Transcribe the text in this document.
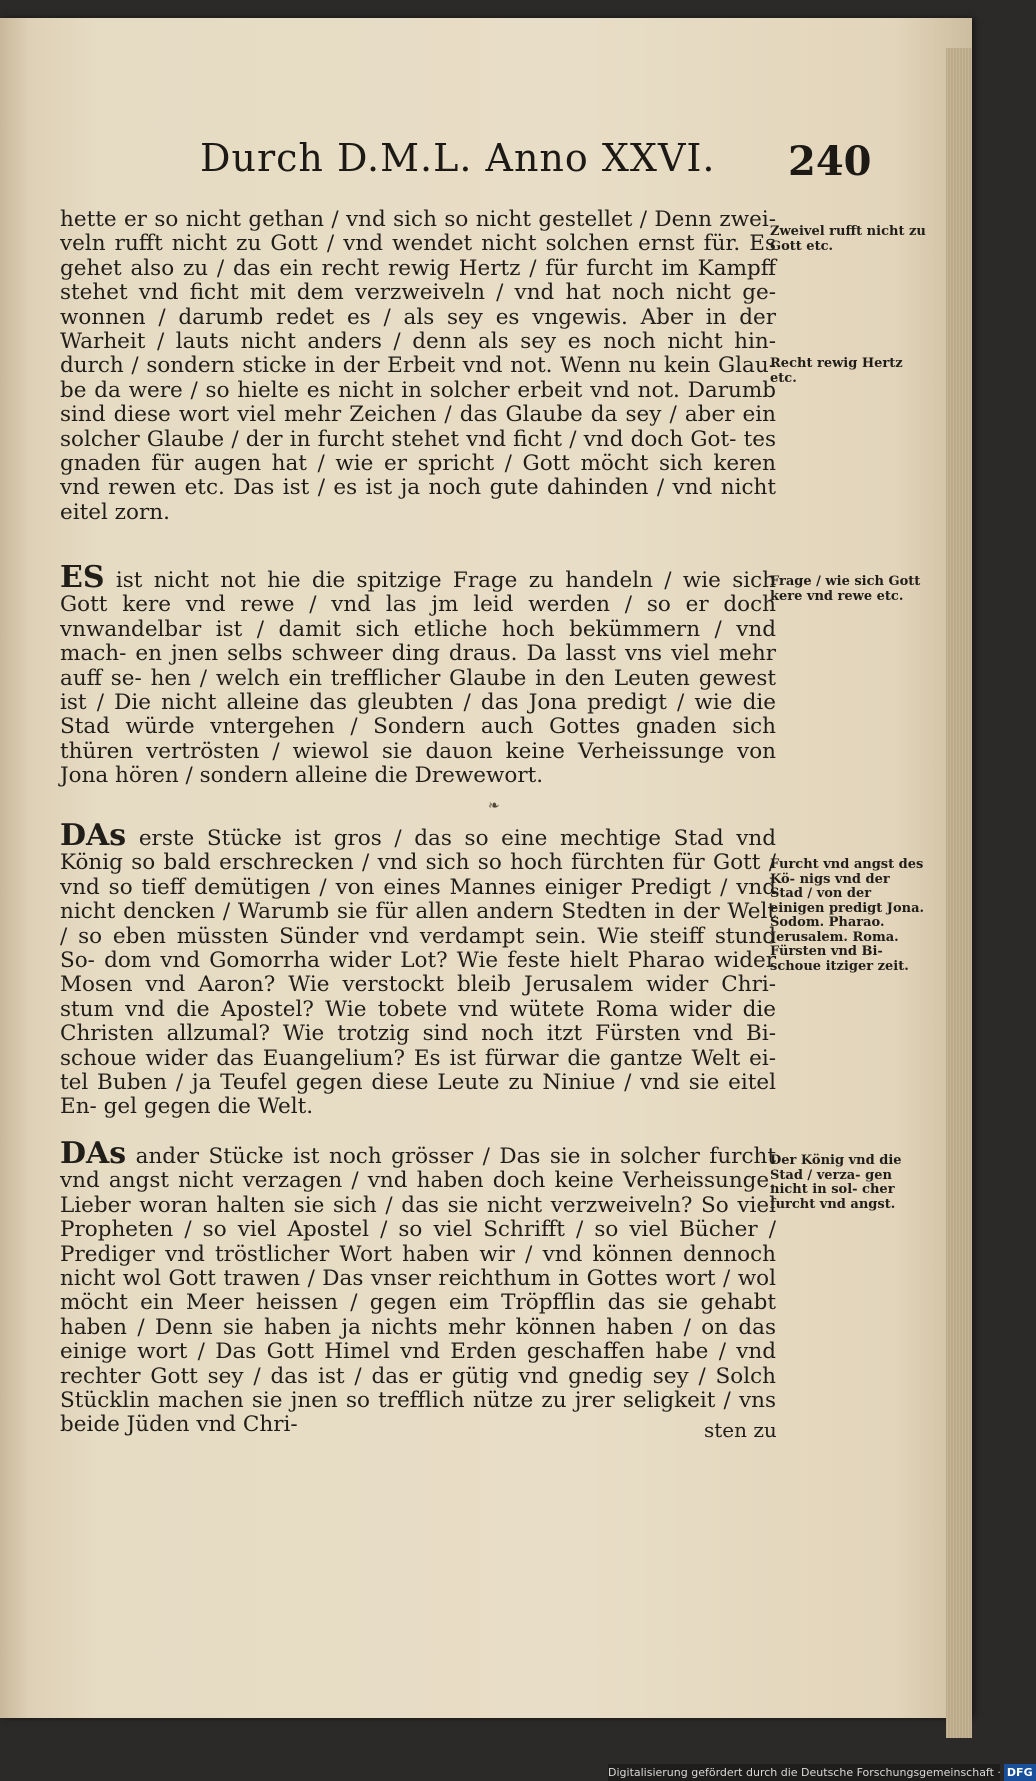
Durch D.M.L. Anno XXVI.	240

hette er so nicht gethan / vnd sich so nicht gestellet / Denn zwei- veln rufft nicht zu Gott / vnd wendet nicht solchen ernst für. Es gehet also zu / das ein recht rewig Hertz / für furcht im Kampff stehet vnd ficht mit dem verzweiveln / vnd hat noch nicht ge- wonnen / darumb redet es / als sey es vngewis. Aber in der Warheit / lauts nicht anders / denn als sey es noch nicht hin- durch / sondern sticke in der Erbeit vnd not. Wenn nu kein Glau- be da were / so hielte es nicht in solcher erbeit vnd not. Darumb sind diese wort viel mehr Zeichen / das Glaube da sey / aber ein solcher Glaube / der in furcht stehet vnd ficht / vnd doch Got- tes gnaden für augen hat / wie er spricht / Gott möcht sich keren vnd rewen etc. Das ist / es ist ja noch gute dahinden / vnd nicht eitel zorn.

ES ist nicht not hie die spitzige Frage zu handeln / wie sich Gott kere vnd rewe / vnd las jm leid werden / so er doch vnwandelbar ist / damit sich etliche hoch bekümmern / vnd mach- en jnen selbs schweer ding draus. Da lasst vns viel mehr auff se- hen / welch ein trefflicher Glaube in den Leuten gewest ist / Die nicht alleine das gleubten / das Jona predigt / wie die Stad würde vntergehen / Sondern auch Gottes gnaden sich thüren vertrösten / wiewol sie dauon keine Verheissunge von Jona hören / sondern alleine die Drewewort.

❧

DAs erste Stücke ist gros / das so eine mechtige Stad vnd König so bald erschrecken / vnd sich so hoch fürchten für Gott / vnd so tieff demütigen / von eines Mannes einiger Predigt / vnd nicht dencken / Warumb sie für allen andern Stedten in der Welt / so eben müssten Sünder vnd verdampt sein. Wie steiff stund So- dom vnd Gomorrha wider Lot? Wie feste hielt Pharao wider Mosen vnd Aaron? Wie verstockt bleib Jerusalem wider Chri- stum vnd die Apostel? Wie tobete vnd wütete Roma wider die Christen allzumal? Wie trotzig sind noch itzt Fürsten vnd Bi- schoue wider das Euangelium? Es ist fürwar die gantze Welt ei- tel Buben / ja Teufel gegen diese Leute zu Niniue / vnd sie eitel En- gel gegen die Welt.

DAs ander Stücke ist noch grösser / Das sie in solcher furcht vnd angst nicht verzagen / vnd haben doch keine Verheissunge. Lieber woran halten sie sich / das sie nicht verzweiveln? So viel Propheten / so viel Apostel / so viel Schrifft / so viel Bücher / Prediger vnd tröstlicher Wort haben wir / vnd können dennoch nicht wol Gott trawen / Das vnser reichthum in Gottes wort / wol möcht ein Meer heissen / gegen eim Tröpfflin das sie gehabt haben / Denn sie haben ja nichts mehr können haben / on das einige wort / Das Gott Himel vnd Erden geschaffen habe / vnd rechter Gott sey / das ist / das er gütig vnd gnedig sey / Solch Stücklin machen sie jnen so trefflich nütze zu jrer seligkeit / vns beide Jüden vnd Chri-

Zweivel rufft nicht zu Gott etc.
Recht rewig Hertz etc.
Frage / wie sich Gott kere vnd rewe etc.
Furcht vnd angst des Kö- nigs vnd der Stad / von der einigen predigt Jona. Sodom. Pharao. Jerusalem. Roma. Fürsten vnd Bi- schoue itziger zeit.
Der König vnd die Stad / verza- gen nicht in sol- cher furcht vnd angst.
sten zu
Digitalisierung gefördert durch die Deutsche Forschungsgemeinschaft · DFG
